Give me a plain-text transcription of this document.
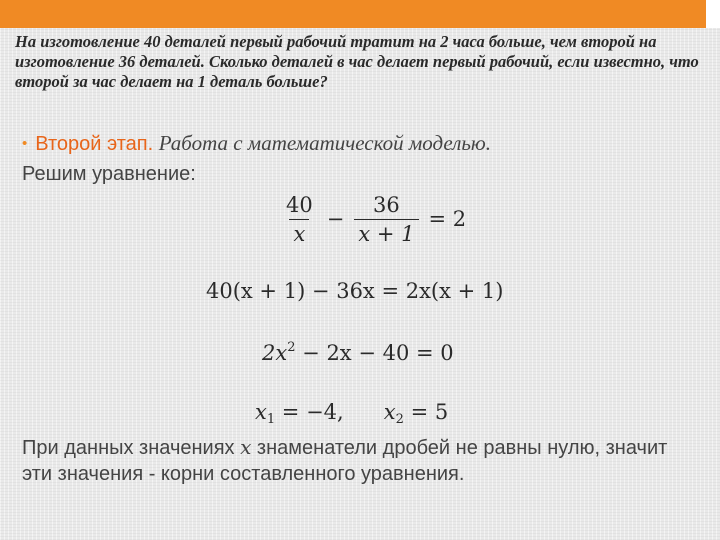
На изготовление 40 деталей первый рабочий тратит на 2 часа больше, чем второй на изготовление 36 деталей. Сколько деталей в час делает первый рабочий, если известно, что второй за час делает на 1 деталь больше?

• Второй этап. Работа с математической моделью.
Решим уравнение:
$\frac{40}{x} - \frac{36}{x + 1} = 2$
40(x + 1) − 36x = 2x(x + 1)
$2x^2 - 2x - 40 = 0$
$x_1 = -4$, $x_2 = 5$

При данных значениях x знаменатели дробей не равны нулю, значит эти значения - корни составленного уравнения.
